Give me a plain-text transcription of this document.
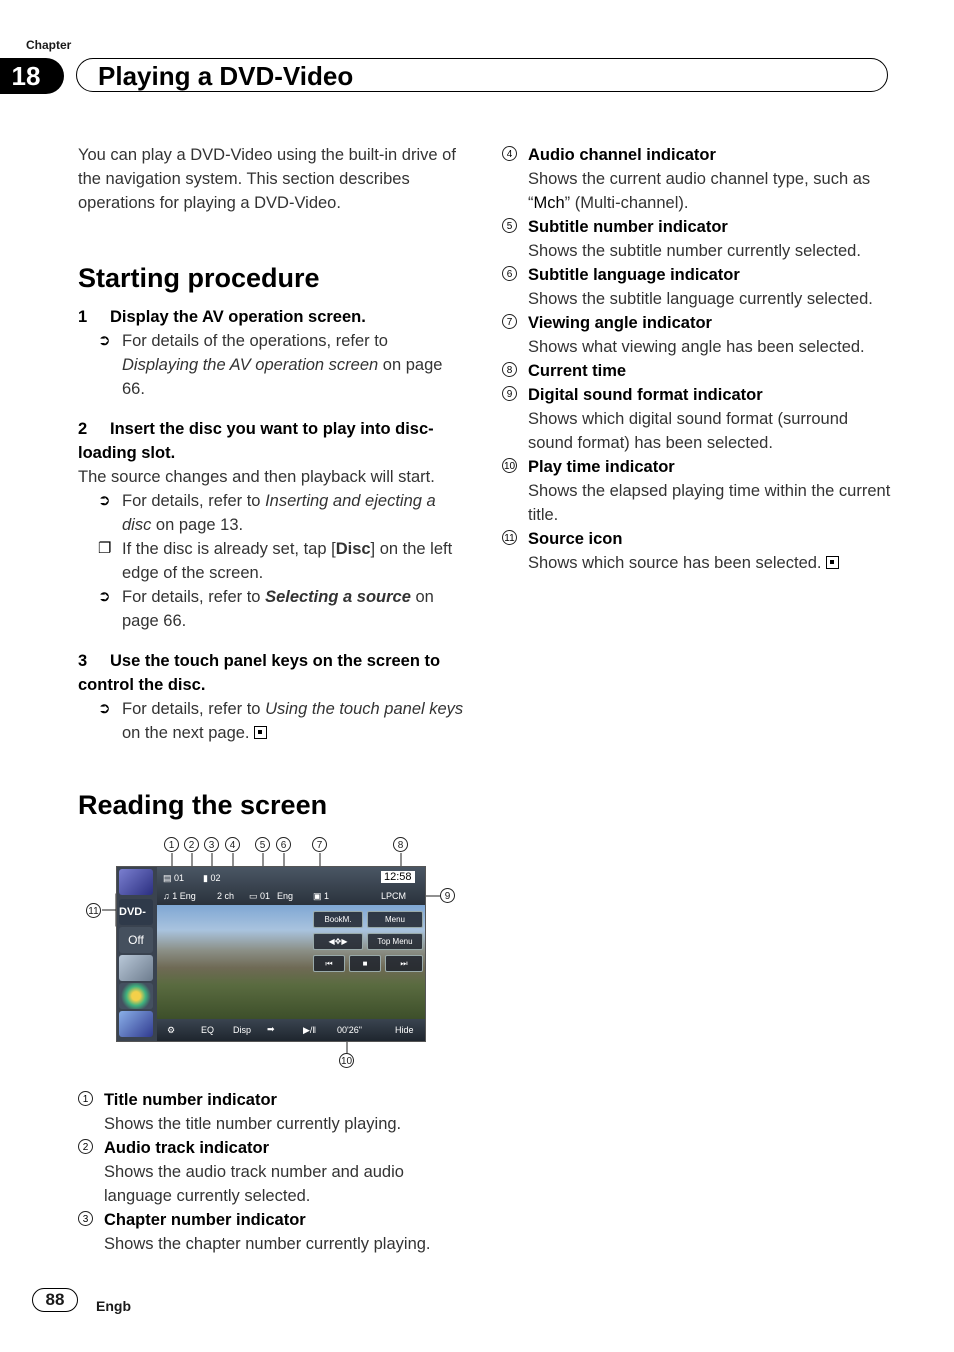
Chapter
18	Playing a DVD-Video

You can play a DVD-Video using the built-in drive of the navigation system. This section describes operations for playing a DVD-Video.

Starting procedure
1 Display the AV operation screen.
➲ For details of the operations, refer to Displaying the AV operation screen on page 66.
2 Insert the disc you want to play into disc-loading slot.

The source changes and then playback will start.

➲ For details, refer to Inserting and ejecting a disc on page 13.
❐ If the disc is already set, tap [Disc] on the left edge of the screen.
➲ For details, refer to Selecting a source on page 66.
3 Use the touch panel keys on the screen to control the disc.
➲ For details, refer to Using the touch panel keys on the next page.
Reading the screen
1	2	3	4	5	6	7	8
9
10
11 DVD-
Off
▤ 01 ▮ 02	12:58
♫ 1 Eng 2 ch ▭ 01 Eng ▣ 1	LPCM
BookM.	Menu
◀✥▶	Top Menu
⏮	■	⏭
⚙	EQ Disp ➡	▶/‖ 00'26"	Hide
1 Title number indicator
Shows the title number currently playing.
2 Audio track indicator
Shows the audio track number and audio language currently selected.
3 Chapter number indicator
Shows the chapter number currently playing.
4 Audio channel indicator
Shows the current audio channel type, such as “Mch” (Multi-channel).
5 Subtitle number indicator
Shows the subtitle number currently selected.
6 Subtitle language indicator
Shows the subtitle language currently selected.
7 Viewing angle indicator
Shows what viewing angle has been selected.
8 Current time
9 Digital sound format indicator
Shows which digital sound format (surround sound format) has been selected.
10 Play time indicator
Shows the elapsed playing time within the current title.
11 Source icon
Shows which source has been selected.
88	Engb
